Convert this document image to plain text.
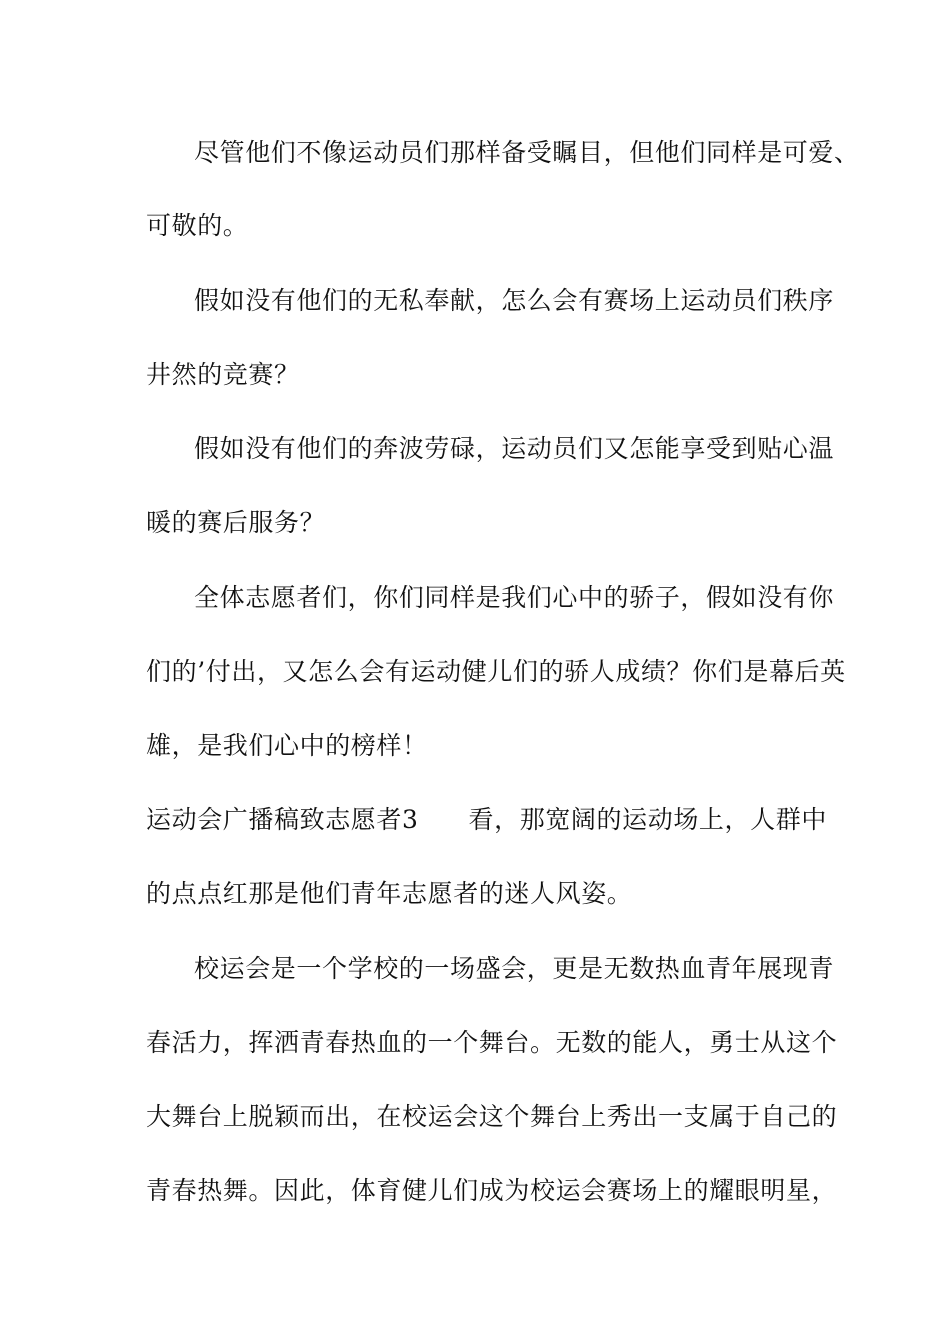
尽管他们不像运动员们那样备受瞩目，但他们同样是可爱、
可敬的。
假如没有他们的无私奉献，怎么会有赛场上运动员们秩序
井然的竞赛？
假如没有他们的奔波劳碌，运动员们又怎能享受到贴心温
暖的赛后服务？
全体志愿者们，你们同样是我们心中的骄子，假如没有你
们的’付出，又怎么会有运动健儿们的骄人成绩？你们是幕后英
雄，是我们心中的榜样！
运动会广播稿致志愿者3 看，那宽阔的运动场上，人群中
的点点红那是他们青年志愿者的迷人风姿。
校运会是一个学校的一场盛会，更是无数热血青年展现青
春活力，挥洒青春热血的一个舞台。无数的能人，勇士从这个
大舞台上脱颖而出，在校运会这个舞台上秀出一支属于自己的
青春热舞。因此，体育健儿们成为校运会赛场上的耀眼明星，
